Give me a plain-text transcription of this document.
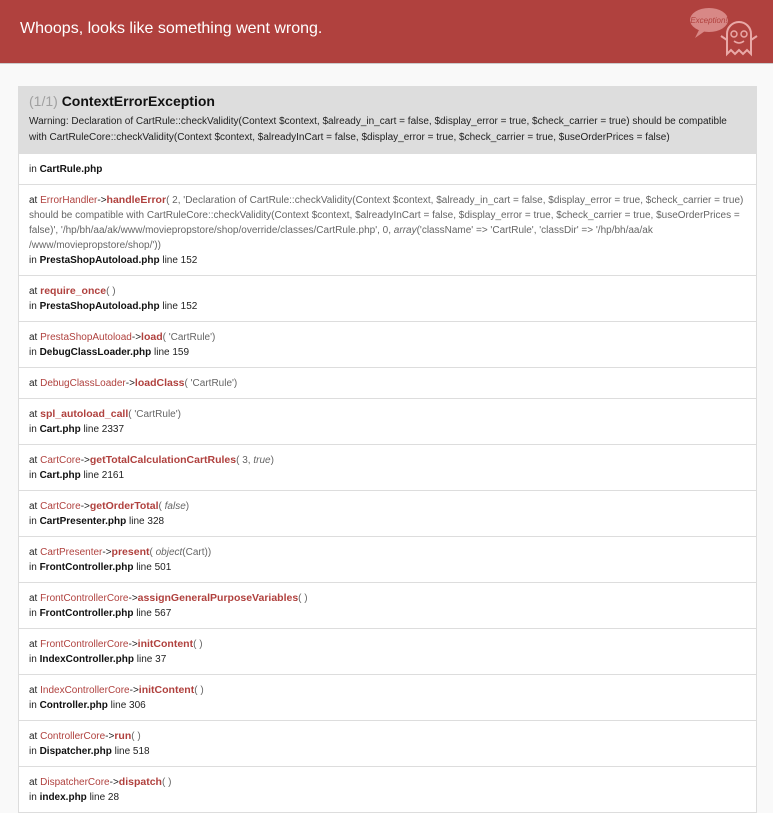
Whoops, looks like something went wrong.	Exception!
(1/1) ContextErrorException
Warning: Declaration of CartRule::checkValidity(Context $context, $already_in_cart = false, $display_error = true, $check_carrier = true) should be compatible with CartRuleCore::checkValidity(Context $context, $alreadyInCart = false, $display_error = true, $check_carrier = true, $useOrderPrices = false)
in CartRule.php
at ErrorHandler->handleError( 2, 'Declaration of CartRule::checkValidity(Context $context, $already_in_cart = false, $display_error = true, $check_carrier = true) should be compatible with CartRuleCore::checkValidity(Context $context, $alreadyInCart = false, $display_error = true, $check_carrier = true, $useOrderPrices = false)', '/hp/bh/aa/ak/www/moviepropstore/shop/override/classes/CartRule.php', 0, array('className' => 'CartRule', 'classDir' => '/hp/bh/aa/ak /www/moviepropstore/shop/'))
in PrestaShopAutoload.php line 152
at require_once( )
in PrestaShopAutoload.php line 152
at PrestaShopAutoload->load( 'CartRule')
in DebugClassLoader.php line 159
at DebugClassLoader->loadClass( 'CartRule')
at spl_autoload_call( 'CartRule')
in Cart.php line 2337
at CartCore->getTotalCalculationCartRules( 3, true)
in Cart.php line 2161
at CartCore->getOrderTotal( false)
in CartPresenter.php line 328
at CartPresenter->present( object(Cart))
in FrontController.php line 501
at FrontControllerCore->assignGeneralPurposeVariables( )
in FrontController.php line 567
at FrontControllerCore->initContent( )
in IndexController.php line 37
at IndexControllerCore->initContent( )
in Controller.php line 306
at ControllerCore->run( )
in Dispatcher.php line 518
at DispatcherCore->dispatch( )
in index.php line 28
